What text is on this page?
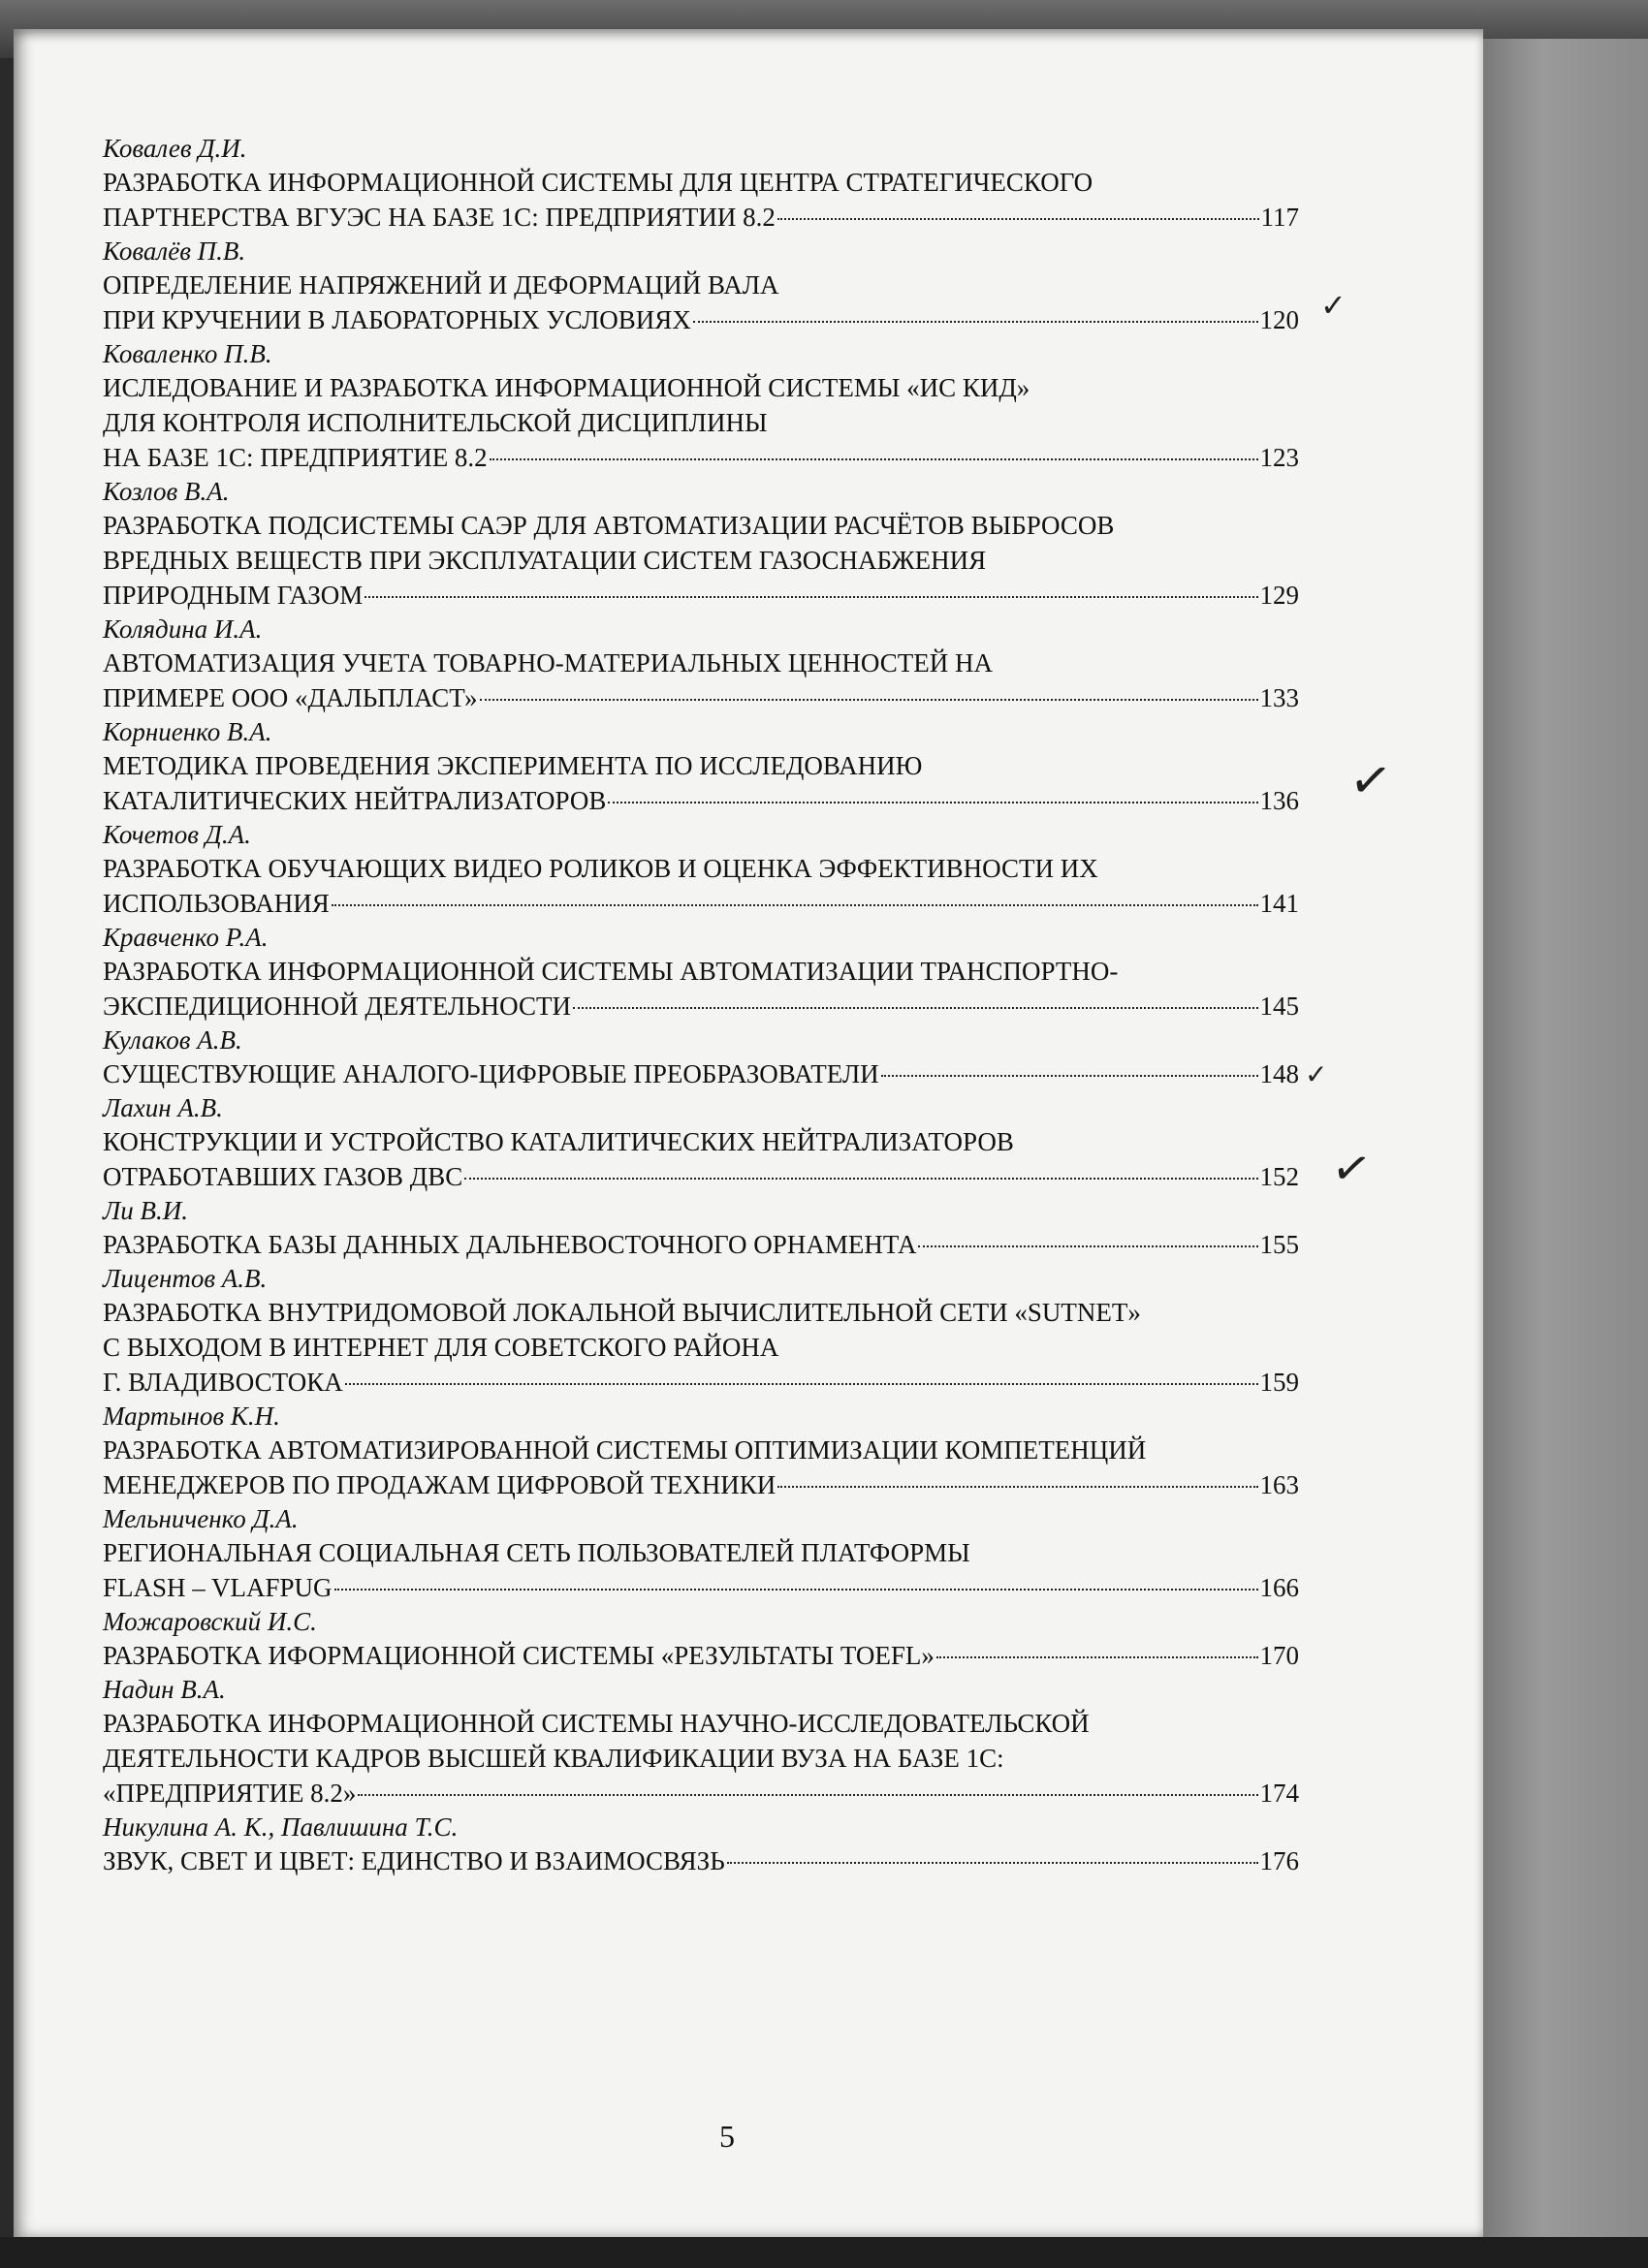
Ковалев Д.И.
РАЗРАБОТКА ИНФОРМАЦИОННОЙ СИСТЕМЫ ДЛЯ ЦЕНТРА СТРАТЕГИЧЕСКОГО
ПАРТНЕРСТВА ВГУЭС НА БАЗЕ 1С: ПРЕДПРИЯТИИ 8.2	117
Ковалёв П.В.
ОПРЕДЕЛЕНИЕ НАПРЯЖЕНИЙ И ДЕФОРМАЦИЙ ВАЛА
ПРИ КРУЧЕНИИ В ЛАБОРАТОРНЫХ УСЛОВИЯХ	120
Коваленко П.В.
ИСЛЕДОВАНИЕ И РАЗРАБОТКА ИНФОРМАЦИОННОЙ СИСТЕМЫ «ИС КИД»
ДЛЯ КОНТРОЛЯ ИСПОЛНИТЕЛЬСКОЙ ДИСЦИПЛИНЫ
НА БАЗЕ 1С: ПРЕДПРИЯТИЕ 8.2	123
Козлов В.А.
РАЗРАБОТКА ПОДСИСТЕМЫ САЭР ДЛЯ АВТОМАТИЗАЦИИ РАСЧЁТОВ ВЫБРОСОВ
ВРЕДНЫХ ВЕЩЕСТВ ПРИ ЭКСПЛУАТАЦИИ СИСТЕМ ГАЗОСНАБЖЕНИЯ
ПРИРОДНЫМ ГАЗОМ	129
Колядина И.А.
АВТОМАТИЗАЦИЯ УЧЕТА ТОВАРНО-МАТЕРИАЛЬНЫХ ЦЕННОСТЕЙ НА
ПРИМЕРЕ ООО «ДАЛЬПЛАСТ»	133
Корниенко В.А.
МЕТОДИКА ПРОВЕДЕНИЯ ЭКСПЕРИМЕНТА ПО ИССЛЕДОВАНИЮ
КАТАЛИТИЧЕСКИХ НЕЙТРАЛИЗАТОРОВ	136
Кочетов Д.А.
РАЗРАБОТКА ОБУЧАЮЩИХ ВИДЕО РОЛИКОВ И ОЦЕНКА ЭФФЕКТИВНОСТИ ИХ
ИСПОЛЬЗОВАНИЯ	141
Кравченко Р.А.
РАЗРАБОТКА ИНФОРМАЦИОННОЙ СИСТЕМЫ АВТОМАТИЗАЦИИ ТРАНСПОРТНО-
ЭКСПЕДИЦИОННОЙ ДЕЯТЕЛЬНОСТИ	145
Кулаков А.В.
СУЩЕСТВУЮЩИЕ АНАЛОГО-ЦИФРОВЫЕ ПРЕОБРАЗОВАТЕЛИ	148
Лахин А.В.
КОНСТРУКЦИИ И УСТРОЙСТВО КАТАЛИТИЧЕСКИХ НЕЙТРАЛИЗАТОРОВ
ОТРАБОТАВШИХ ГАЗОВ ДВС	152
Ли В.И.
РАЗРАБОТКА БАЗЫ ДАННЫХ ДАЛЬНЕВОСТОЧНОГО ОРНАМЕНТА	155
Лицентов А.В.
РАЗРАБОТКА ВНУТРИДОМОВОЙ ЛОКАЛЬНОЙ ВЫЧИСЛИТЕЛЬНОЙ СЕТИ «SUTNET»
С ВЫХОДОМ В ИНТЕРНЕТ ДЛЯ СОВЕТСКОГО РАЙОНА
Г. ВЛАДИВОСТОКА	159
Мартынов К.Н.
РАЗРАБОТКА АВТОМАТИЗИРОВАННОЙ СИСТЕМЫ ОПТИМИЗАЦИИ КОМПЕТЕНЦИЙ
МЕНЕДЖЕРОВ ПО ПРОДАЖАМ ЦИФРОВОЙ ТЕХНИКИ	163
Мельниченко Д.А.
РЕГИОНАЛЬНАЯ СОЦИАЛЬНАЯ СЕТЬ ПОЛЬЗОВАТЕЛЕЙ ПЛАТФОРМЫ
FLASH – VLAFPUG	166
Можаровский И.С.
РАЗРАБОТКА ИФОРМАЦИОННОЙ СИСТЕМЫ «РЕЗУЛЬТАТЫ TOEFL»	170
Надин В.А.
РАЗРАБОТКА ИНФОРМАЦИОННОЙ СИСТЕМЫ НАУЧНО-ИССЛЕДОВАТЕЛЬСКОЙ
ДЕЯТЕЛЬНОСТИ КАДРОВ ВЫСШЕЙ КВАЛИФИКАЦИИ ВУЗА НА БАЗЕ 1С:
«ПРЕДПРИЯТИЕ 8.2»	174
Никулина А. К., Павлишина Т.С.
ЗВУК, СВЕТ И ЦВЕТ: ЕДИНСТВО И ВЗАИМОСВЯЗЬ	176
✓
✓
✓
✓
5
